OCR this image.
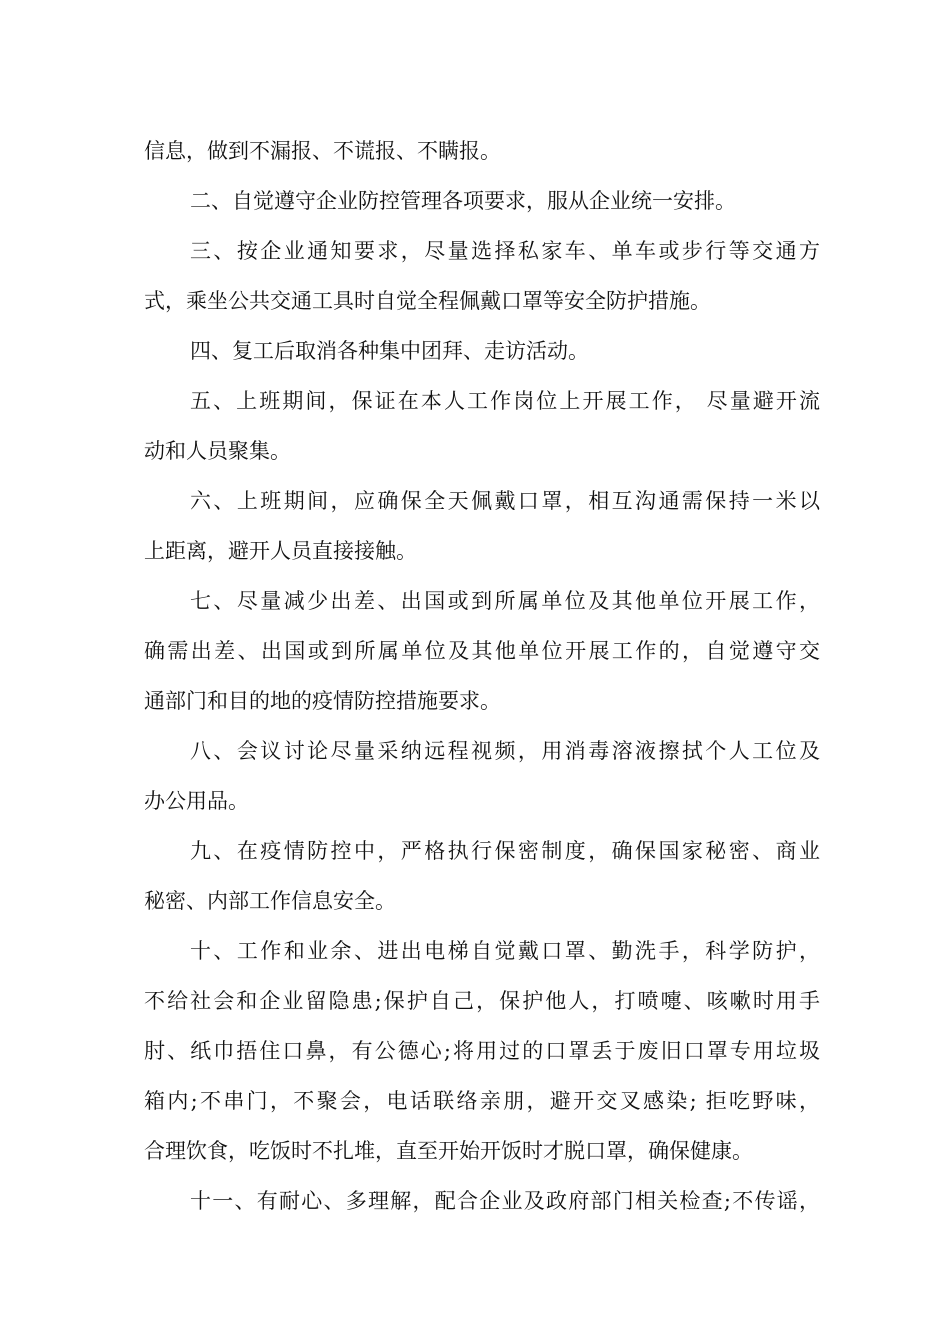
信息，做到不漏报、不谎报、不瞒报。
二、自觉遵守企业防控管理各项要求，服从企业统一安排。
三、按企业通知要求，尽量选择私家车、单车或步行等交通方
式，乘坐公共交通工具时自觉全程佩戴口罩等安全防护措施。
四、复工后取消各种集中团拜、走访活动。
五、上班期间，保证在本人工作岗位上开展工作， 尽量避开流
动和人员聚集。
六、上班期间，应确保全天佩戴口罩，相互沟通需保持一米以
上距离，避开人员直接接触。
七、尽量减少出差、出国或到所属单位及其他单位开展工作，
确需出差、出国或到所属单位及其他单位开展工作的，自觉遵守交
通部门和目的地的疫情防控措施要求。
八、会议讨论尽量采纳远程视频，用消毒溶液擦拭个人工位及
办公用品。
九、在疫情防控中，严格执行保密制度，确保国家秘密、商业
秘密、内部工作信息安全。
十、工作和业余、进出电梯自觉戴口罩、勤洗手，科学防护，
不给社会和企业留隐患;保护自己，保护他人，打喷嚏、咳嗽时用手
肘、纸巾捂住口鼻，有公德心;将用过的口罩丢于废旧口罩专用垃圾
箱内;不串门，不聚会，电话联络亲朋，避开交叉感染; 拒吃野味，
合理饮食，吃饭时不扎堆，直至开始开饭时才脱口罩，确保健康。
十一、有耐心、多理解，配合企业及政府部门相关检查;不传谣，
